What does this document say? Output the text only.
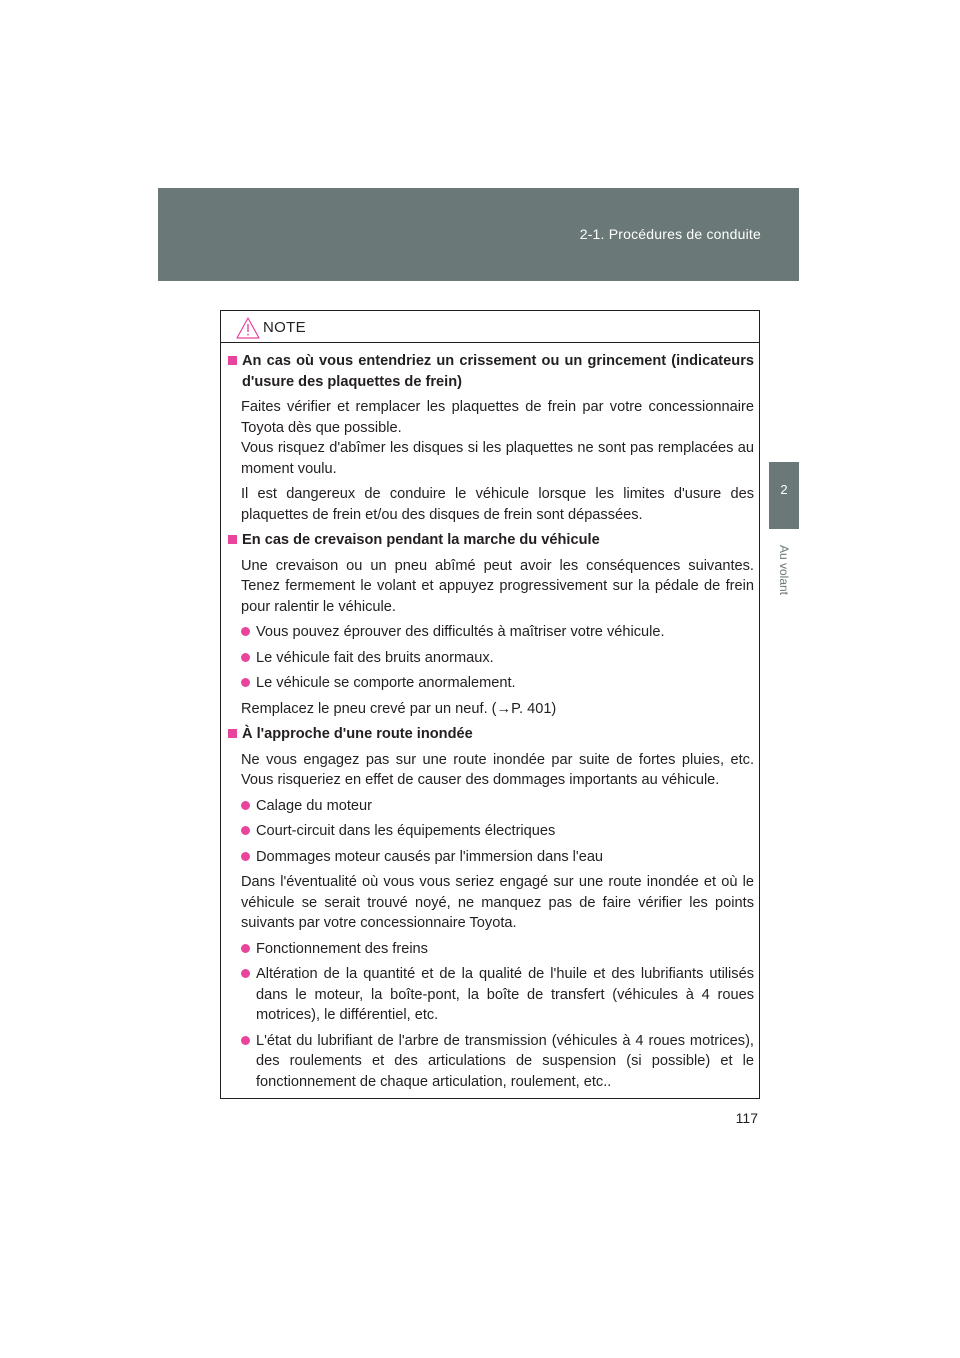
2-1. Procédures de conduite
2
Au volant
NOTE
An cas où vous entendriez un crissement ou un grincement (indicateurs d'usure des plaquettes de frein)

Faites vérifier et remplacer les plaquettes de frein par votre concessionnaire Toyota dès que possible.

Vous risquez d'abîmer les disques si les plaquettes ne sont pas remplacées au moment voulu.

Il est dangereux de conduire le véhicule lorsque les limites d'usure des plaquettes de frein et/ou des disques de frein sont dépassées.

En cas de crevaison pendant la marche du véhicule

Une crevaison ou un pneu abîmé peut avoir les conséquences suivantes. Tenez fermement le volant et appuyez progressivement sur la pédale de frein pour ralentir le véhicule.

Vous pouvez éprouver des difficultés à maîtriser votre véhicule.
Le véhicule fait des bruits anormaux.
Le véhicule se comporte anormalement.

Remplacez le pneu crevé par un neuf. (→P. 401)

À l'approche d'une route inondée

Ne vous engagez pas sur une route inondée par suite de fortes pluies, etc. Vous risqueriez en effet de causer des dommages importants au véhicule.

Calage du moteur
Court-circuit dans les équipements électriques
Dommages moteur causés par l'immersion dans l'eau

Dans l'éventualité où vous vous seriez engagé sur une route inondée et où le véhicule se serait trouvé noyé, ne manquez pas de faire vérifier les points suivants par votre concessionnaire Toyota.

Fonctionnement des freins
Altération de la quantité et de la qualité de l'huile et des lubrifiants utilisés dans le moteur, la boîte-pont, la boîte de transfert (véhicules à 4 roues motrices), le différentiel, etc.
L'état du lubrifiant de l'arbre de transmission (véhicules à 4 roues motrices), des roulements et des articulations de suspension (si possible) et le fonctionnement de chaque articulation, roulement, etc..
117
